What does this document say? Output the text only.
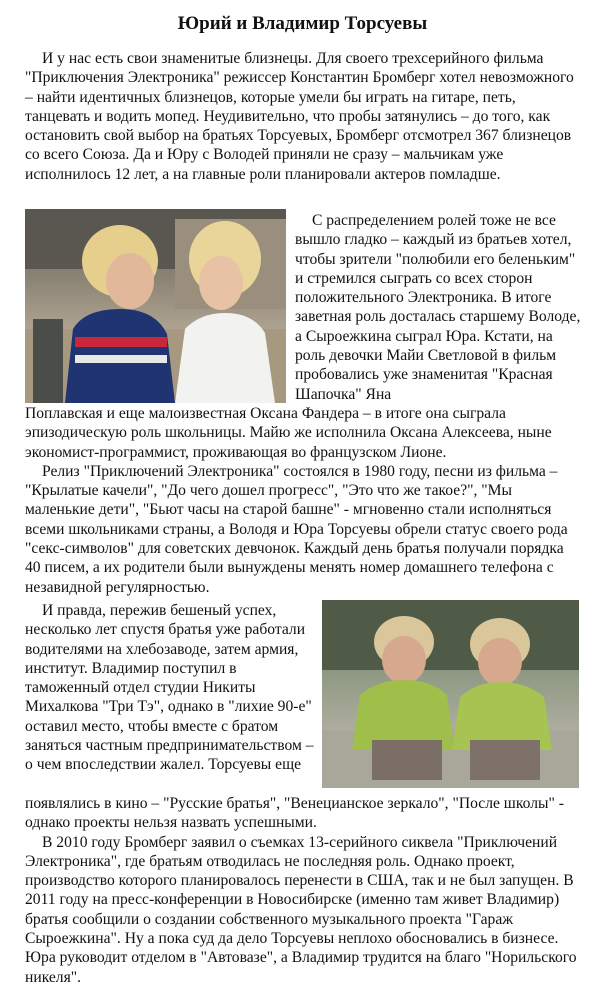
Юрий и Владимир Торсуевы

И у нас есть свои знаменитые близнецы. Для своего трехсерийного фильма "Приключения Электроника" режиссер Константин Бромберг хотел невозможного – найти идентичных близнецов, которые умели бы играть на гитаре, петь, танцевать и водить мопед. Неудивительно, что пробы затянулись – до того, как остановить свой выбор на братьях Торсуевых, Бромберг отсмотрел 367 близнецов со всего Союза. Да и Юру с Володей приняли не сразу – мальчикам уже исполнилось 12 лет, а на главные роли планировали актеров помладше.

С распределением ролей тоже не все вышло гладко – каждый из братьев хотел, чтобы зрители "полюбили его беленьким" и стремился сыграть со всех сторон положительного Электроника. В итоге заветная роль досталась старшему Володе, а Сыроежкина сыграл Юра. Кстати, на роль девочки Майи Светловой в фильм пробовались уже знаменитая "Красная Шапочка" Яна

Поплавская и еще малоизвестная Оксана Фандера – в итоге она сыграла эпизодическую роль школьницы. Майю же исполнила Оксана Алексеева, ныне экономист-программист, проживающая во французском Лионе.

Релиз "Приключений Электроника" состоялся в 1980 году, песни из фильма – "Крылатые качели", "До чего дошел прогресс", "Это что же такое?", "Мы маленькие дети", "Бьют часы на старой башне" - мгновенно стали исполняться всеми школьниками страны, а Володя и Юра Торсуевы обрели статус своего рода "секс-символов" для советских девчонок. Каждый день братья получали порядка 40 писем, а их родители были вынуждены менять номер домашнего телефона с незавидной регулярностью.

И правда, пережив бешеный успех, несколько лет спустя братья уже работали водителями на хлебозаводе, затем армия, институт. Владимир поступил в таможенный отдел студии Никиты Михалкова "Три Тэ", однако в "лихие 90-е" оставил место, чтобы вместе с братом заняться частным предпринимательством – о чем впоследствии жалел. Торсуевы еще

появлялись в кино – "Русские братья", "Венецианское зеркало", "После школы" - однако проекты нельзя назвать успешными.

В 2010 году Бромберг заявил о съемках 13-серийного сиквела "Приключений Электроника", где братьям отводилась не последняя роль. Однако проект, производство которого планировалось перенести в США, так и не был запущен. В 2011 году на пресс-конференции в Новосибирске (именно там живет Владимир) братья сообщили о создании собственного музыкального проекта "Гараж Сыроежкина". Ну а пока суд да дело Торсуевы неплохо обосновались в бизнесе. Юра руководит отделом в "Автовазе", а Владимир трудится на благо "Норильского никеля".
